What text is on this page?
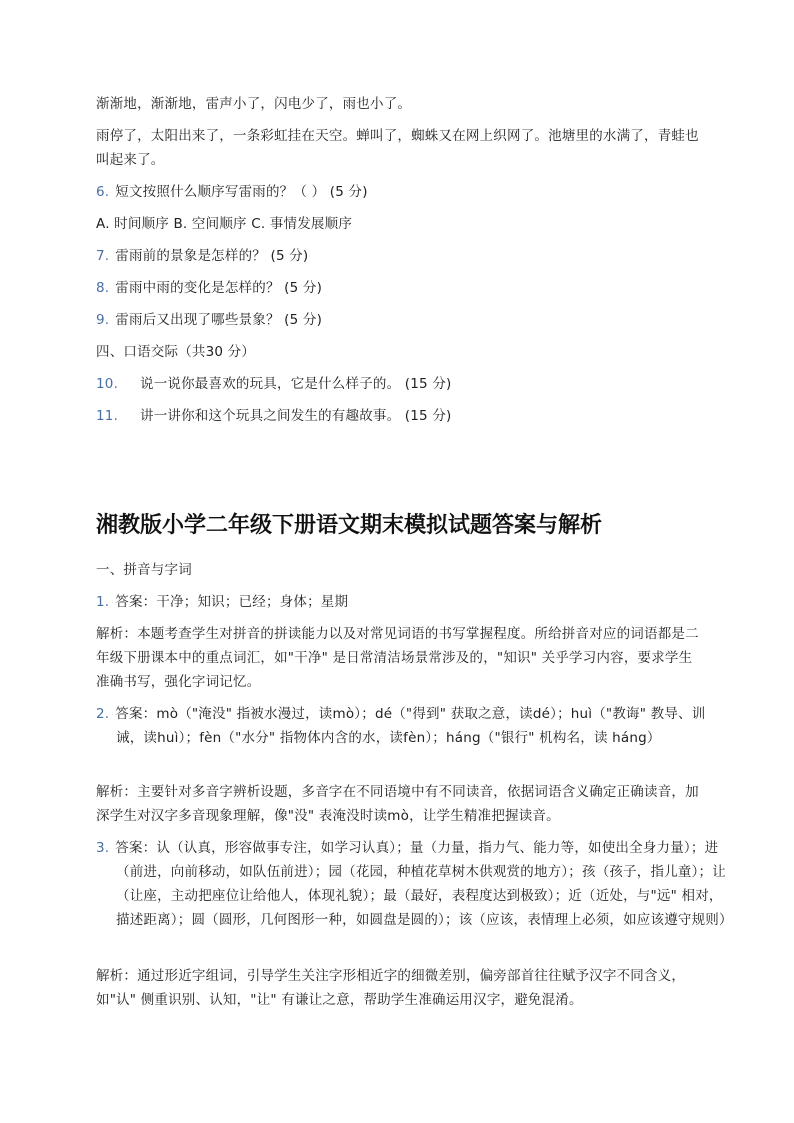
渐渐地，渐渐地，雷声小了，闪电少了，雨也小了。
雨停了，太阳出来了，一条彩虹挂在天空。蝉叫了，蜘蛛又在网上织网了。池塘里的水满了，青蛙也叫起来了。
6. 短文按照什么顺序写雷雨的？（ ） (5 分)
A. 时间顺序 B. 空间顺序 C. 事情发展顺序
7. 雷雨前的景象是怎样的？ (5 分)
8. 雷雨中雨的变化是怎样的？ (5 分)
9. 雷雨后又出现了哪些景象？ (5 分)
四、口语交际（共30 分）
10. 说一说你最喜欢的玩具，它是什么样子的。 (15 分)
11. 讲一讲你和这个玩具之间发生的有趣故事。 (15 分)
湘教版小学二年级下册语文期末模拟试题答案与解析
一、拼音与字词
1. 答案：干净；知识；已经；身体；星期
解析：本题考查学生对拼音的拼读能力以及对常见词语的书写掌握程度。所给拼音对应的词语都是二年级下册课本中的重点词汇，如"干净" 是日常清洁场景常涉及的，"知识" 关乎学习内容，要求学生准确书写，强化字词记忆。
2. 答案：mò（"淹没" 指被水漫过，读mò）；dé（"得到" 获取之意，读dé）；huì（"教诲" 教导、训诫，读huì）；fèn（"水分" 指物体内含的水，读fèn）；háng（"银行" 机构名，读 háng）
解析：主要针对多音字辨析设题，多音字在不同语境中有不同读音，依据词语含义确定正确读音，加深学生对汉字多音现象理解，像"没" 表淹没时读mò，让学生精准把握读音。
3. 答案：认（认真，形容做事专注，如学习认真）；量（力量，指力气、能力等，如使出全身力量）；进（前进，向前移动，如队伍前进）；园（花园，种植花草树木供观赏的地方）；孩（孩子，指儿童）；让（让座，主动把座位让给他人，体现礼貌）；最（最好，表程度达到极致）；近（近处，与"远" 相对，描述距离）；圆（圆形，几何图形一种，如圆盘是圆的）；该（应该，表情理上必须，如应该遵守规则）
解析：通过形近字组词，引导学生关注字形相近字的细微差别，偏旁部首往往赋予汉字不同含义，如"认" 侧重识别、认知，"让" 有谦让之意，帮助学生准确运用汉字，避免混淆。
